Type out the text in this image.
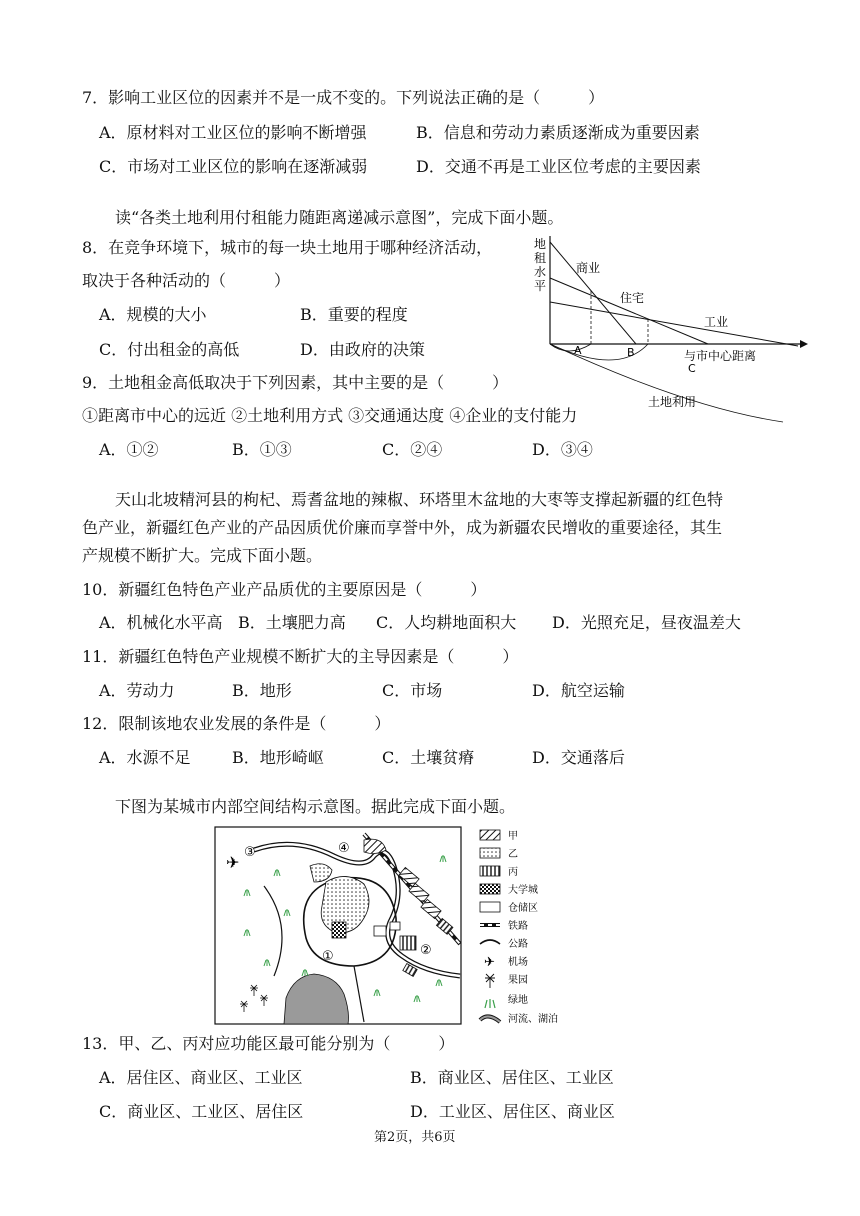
7．影响工业区位的因素并不是一成不变的。下列说法正确的是（　　　）
A．原材料对工业区位的影响不断增强	B．信息和劳动力素质逐渐成为重要因素
C．市场对工业区位的影响在逐渐减弱	D．交通不再是工业区位考虑的主要因素
读“各类土地利用付租能力随距离递减示意图”，完成下面小题。
8．在竞争环境下，城市的每一块土地用于哪种经济活动，
取决于各种活动的（　　　）
A．规模的大小	B．重要的程度
C．付出租金的高低	D．由政府的决策
地
租
水
平
商业
住宅
工业
与市中心距离
A	B
C
土地利用
9．土地租金高低取决于下列因素，其中主要的是（　　　）
①距离市中心的远近 ②土地利用方式 ③交通通达度 ④企业的支付能力
A．①②	B．①③	C．②④	D．③④
天山北坡精河县的枸杞、焉耆盆地的辣椒、环塔里木盆地的大枣等支撑起新疆的红色特
色产业，新疆红色产业的产品因质优价廉而享誉中外，成为新疆农民增收的重要途径，其生
产规模不断扩大。完成下面小题。
10．新疆红色特色产业产品质优的主要原因是（　　　）
A．机械化水平高 B．土壤肥力高 C．人均耕地面积大 D．光照充足，昼夜温差大
11．新疆红色特色产业规模不断扩大的主导因素是（　　　）
A．劳动力	B．地形	C．市场	D．航空运输
12．限制该地农业发展的条件是（　　　）
A．水源不足	B．地形崎岖	C．土壤贫瘠	D．交通落后
下图为某城市内部空间结构示意图。据此完成下面小题。
✈
①	②
③	④
✈
甲
乙
丙
大学城
仓储区
铁路
公路
机场
果园
绿地
河流、湖泊
13．甲、乙、丙对应功能区最可能分别为（　　　）
A．居住区、商业区、工业区	B．商业区、居住区、工业区
C．商业区、工业区、居住区	D．工业区、居住区、商业区
第2页，共6页
